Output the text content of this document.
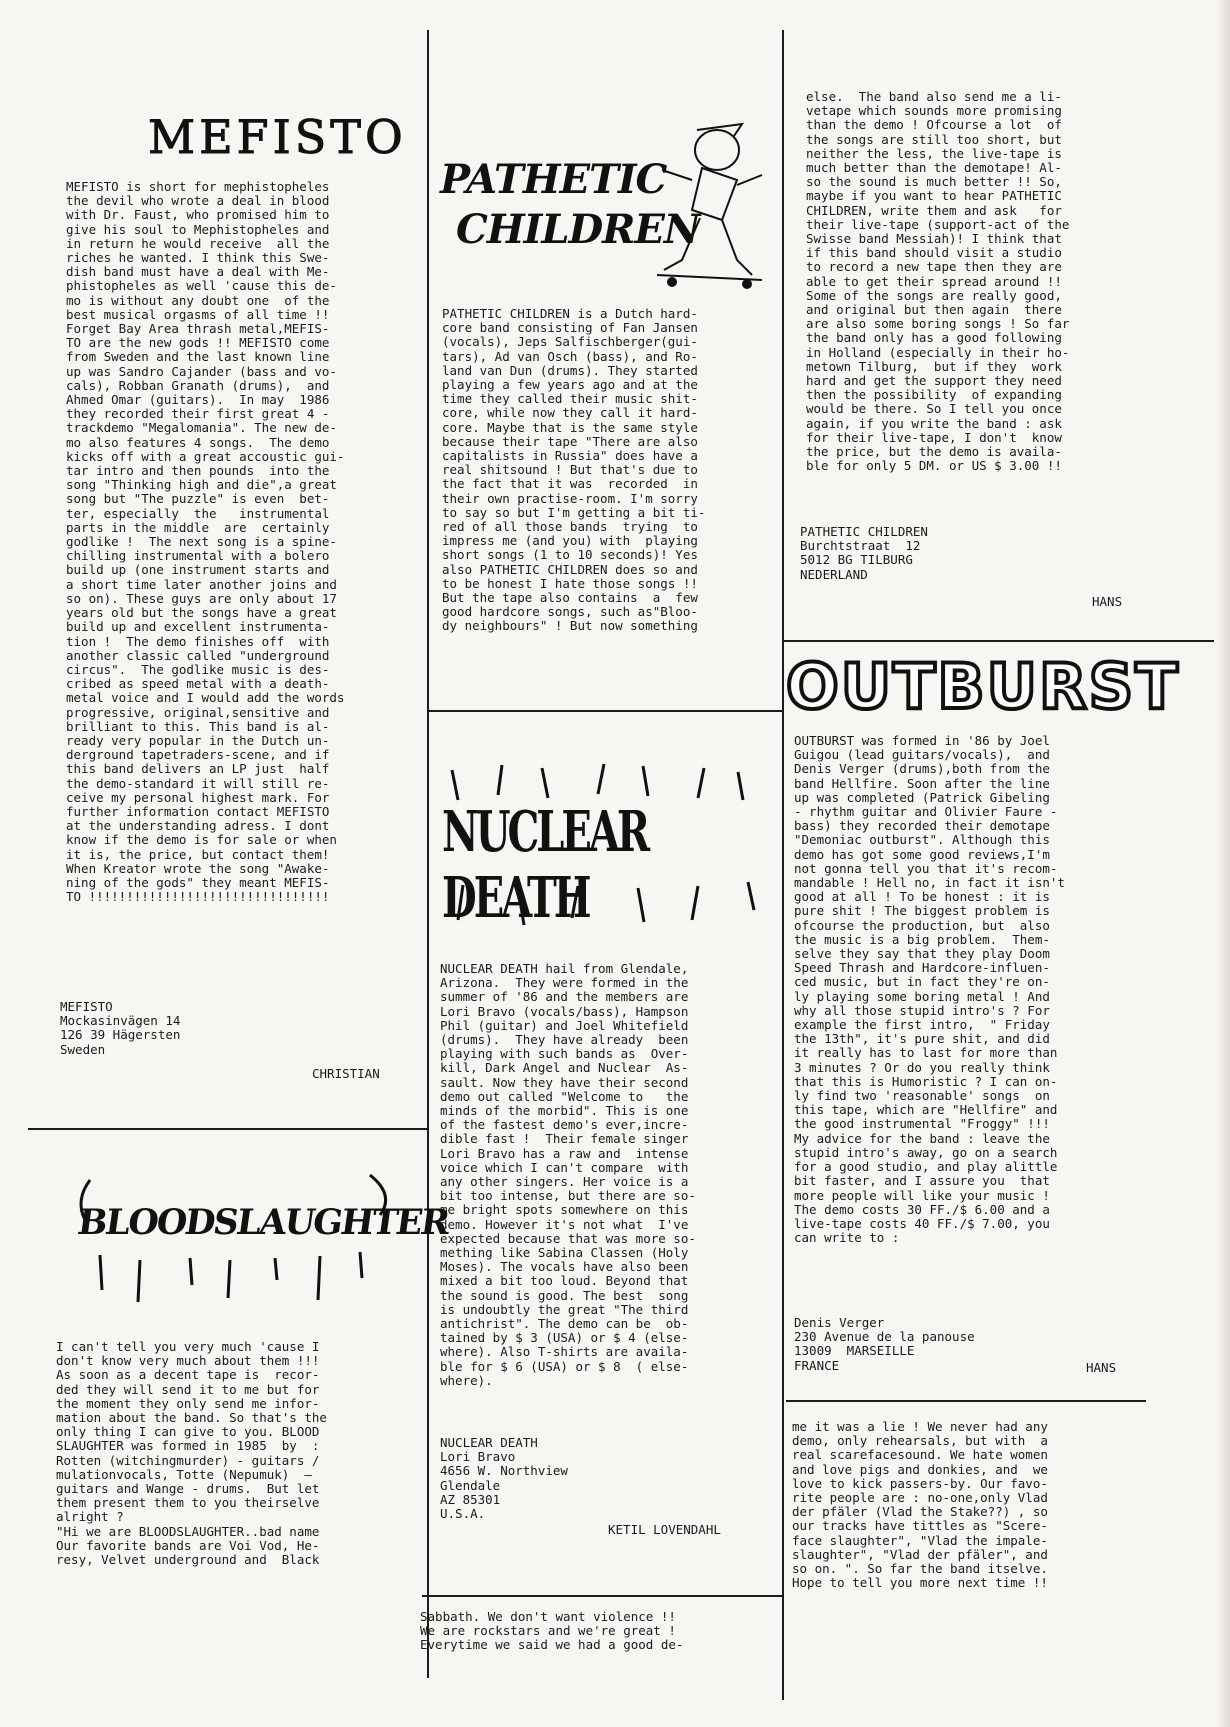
MEFISTO
MEFISTO is short for mephistopheles
the devil who wrote a deal in blood
with Dr. Faust, who promised him to
give his soul to Mephistopheles and
in return he would receive  all the
riches he wanted. I think this Swe-
dish band must have a deal with Me-
phistopheles as well 'cause this de-
mo is without any doubt one  of the
best musical orgasms of all time !!
Forget Bay Area thrash metal,MEFIS-
TO are the new gods !! MEFISTO come
from Sweden and the last known line
up was Sandro Cajander (bass and vo-
cals), Robban Granath (drums),  and
Ahmed Omar (guitars).  In may  1986
they recorded their first great 4 -
trackdemo "Megalomania". The new de-
mo also features 4 songs.  The demo
kicks off with a great accoustic gui-
tar intro and then pounds  into the
song "Thinking high and die",a great
song but "The puzzle" is even  bet-
ter, especially  the   instrumental
parts in the middle  are  certainly
godlike !  The next song is a spine-
chilling instrumental with a bolero
build up (one instrument starts and
a short time later another joins and
so on). These guys are only about 17
years old but the songs have a great
build up and excellent instrumenta-
tion !  The demo finishes off  with
another classic called "underground
circus".  The godlike music is des-
cribed as speed metal with a death-
metal voice and I would add the words
progressive, original,sensitive and
brilliant to this. This band is al-
ready very popular in the Dutch un-
derground tapetraders-scene, and if
this band delivers an LP just  half
the demo-standard it will still re-
ceive my personal highest mark. For
further information contact MEFISTO
at the understanding adress. I dont
know if the demo is for sale or when
it is, the price, but contact them!
When Kreator wrote the song "Awake-
ning of the gods" they meant MEFIS-
TO !!!!!!!!!!!!!!!!!!!!!!!!!!!!!!!!
MEFISTO
Mockasinvägen 14
126 39 Hägersten
Sweden
CHRISTIAN
BLOODSLAUGHTER
I can't tell you very much 'cause I
don't know very much about them !!!
As soon as a decent tape is  recor-
ded they will send it to me but for
the moment they only send me infor-
mation about the band. So that's the
only thing I can give to you. BLOOD
SLAUGHTER was formed in 1985  by  :
Rotten (witchingmurder) - guitars /
mulationvocals, Totte (Nepumuk)  —
guitars and Wange - drums.  But let
them present them to you theirselve
alright ?
"Hi we are BLOODSLAUGHTER..bad name
Our favorite bands are Voi Vod, He-
resy, Velvet underground and  Black
PATHETIC
CHILDREN
PATHETIC CHILDREN is a Dutch hard-
core band consisting of Fan Jansen
(vocals), Jeps Salfischberger(gui-
tars), Ad van Osch (bass), and Ro-
land van Dun (drums). They started
playing a few years ago and at the
time they called their music shit-
core, while now they call it hard-
core. Maybe that is the same style
because their tape "There are also
capitalists in Russia" does have a
real shitsound ! But that's due to
the fact that it was  recorded  in
their own practise-room. I'm sorry
to say so but I'm getting a bit ti-
red of all those bands  trying  to
impress me (and you) with  playing
short songs (1 to 10 seconds)! Yes
also PATHETIC CHILDREN does so and
to be honest I hate those songs !!
But the tape also contains  a  few
good hardcore songs, such as"Bloo-
dy neighbours" ! But now something
else.  The band also send me a li-
vetape which sounds more promising
than the demo ! Ofcourse a lot  of
the songs are still too short, but
neither the less, the live-tape is
much better than the demotape! Al-
so the sound is much better !! So,
maybe if you want to hear PATHETIC
CHILDREN, write them and ask   for
their live-tape (support-act of the
Swisse band Messiah)! I think that
if this band should visit a studio
to record a new tape then they are
able to get their spread around !!
Some of the songs are really good,
and original but then again  there
are also some boring songs ! So far
the band only has a good following
in Holland (especially in their ho-
metown Tilburg,  but if they  work
hard and get the support they need
then the possibility  of expanding
would be there. So I tell you once
again, if you write the band : ask
for their live-tape, I don't  know
the price, but the demo is availa-
ble for only 5 DM. or US $ 3.00 !!
PATHETIC CHILDREN
Burchtstraat  12
5012 BG TILBURG
NEDERLAND
HANS
NUCLEAR DEATH
NUCLEAR DEATH hail from Glendale,
Arizona.  They were formed in the
summer of '86 and the members are
Lori Bravo (vocals/bass), Hampson
Phil (guitar) and Joel Whitefield
(drums).  They have already  been
playing with such bands as  Over-
kill, Dark Angel and Nuclear  As-
sault. Now they have their second
demo out called "Welcome to   the
minds of the morbid". This is one
of the fastest demo's ever,incre-
dible fast !  Their female singer
Lori Bravo has a raw and  intense
voice which I can't compare  with
any other singers. Her voice is a
bit too intense, but there are so-
me bright spots somewhere on this
demo. However it's not what  I've
expected because that was more so-
mething like Sabina Classen (Holy
Moses). The vocals have also been
mixed a bit too loud. Beyond that
the sound is good. The best  song
is undoubtly the great "The third
antichrist". The demo can be  ob-
tained by $ 3 (USA) or $ 4 (else-
where). Also T-shirts are availa-
ble for $ 6 (USA) or $ 8  ( else-
where).
NUCLEAR DEATH
Lori Bravo
4656 W. Northview
Glendale
AZ 85301
U.S.A.
KETIL LOVENDAHL
Sabbath. We don't want violence !!
We are rockstars and we're great !
Everytime we said we had a good de-
OUTBURST
OUTBURST was formed in '86 by Joel
Guigou (lead guitars/vocals),  and
Denis Verger (drums),both from the
band Hellfire. Soon after the line
up was completed (Patrick Gibeling
- rhythm guitar and Olivier Faure -
bass) they recorded their demotape
"Demoniac outburst". Although this
demo has got some good reviews,I'm
not gonna tell you that it's recom-
mandable ! Hell no, in fact it isn't
good at all ! To be honest : it is
pure shit ! The biggest problem is
ofcourse the production, but  also
the music is a big problem.  Them-
selve they say that they play Doom
Speed Thrash and Hardcore-influen-
ced music, but in fact they're on-
ly playing some boring metal ! And
why all those stupid intro's ? For
example the first intro,  " Friday
the 13th", it's pure shit, and did
it really has to last for more than
3 minutes ? Or do you really think
that this is Humoristic ? I can on-
ly find two 'reasonable' songs  on
this tape, which are "Hellfire" and
the good instrumental "Froggy" !!!
My advice for the band : leave the
stupid intro's away, go on a search
for a good studio, and play alittle
bit faster, and I assure you  that
more people will like your music !
The demo costs 30 FF./$ 6.00 and a
live-tape costs 40 FF./$ 7.00, you
can write to :
Denis Verger
230 Avenue de la panouse
13009  MARSEILLE
FRANCE	HANS
me it was a lie ! We never had any
demo, only rehearsals, but with  a
real scarefacesound. We hate women
and love pigs and donkies, and  we
love to kick passers-by. Our favo-
rite people are : no-one,only Vlad
der pfäler (Vlad the Stake??) , so
our tracks have tittles as "Scere-
face slaughter", "Vlad the impale-
slaughter", "Vlad der pfäler", and
so on. ". So far the band itselve.
Hope to tell you more next time !!
